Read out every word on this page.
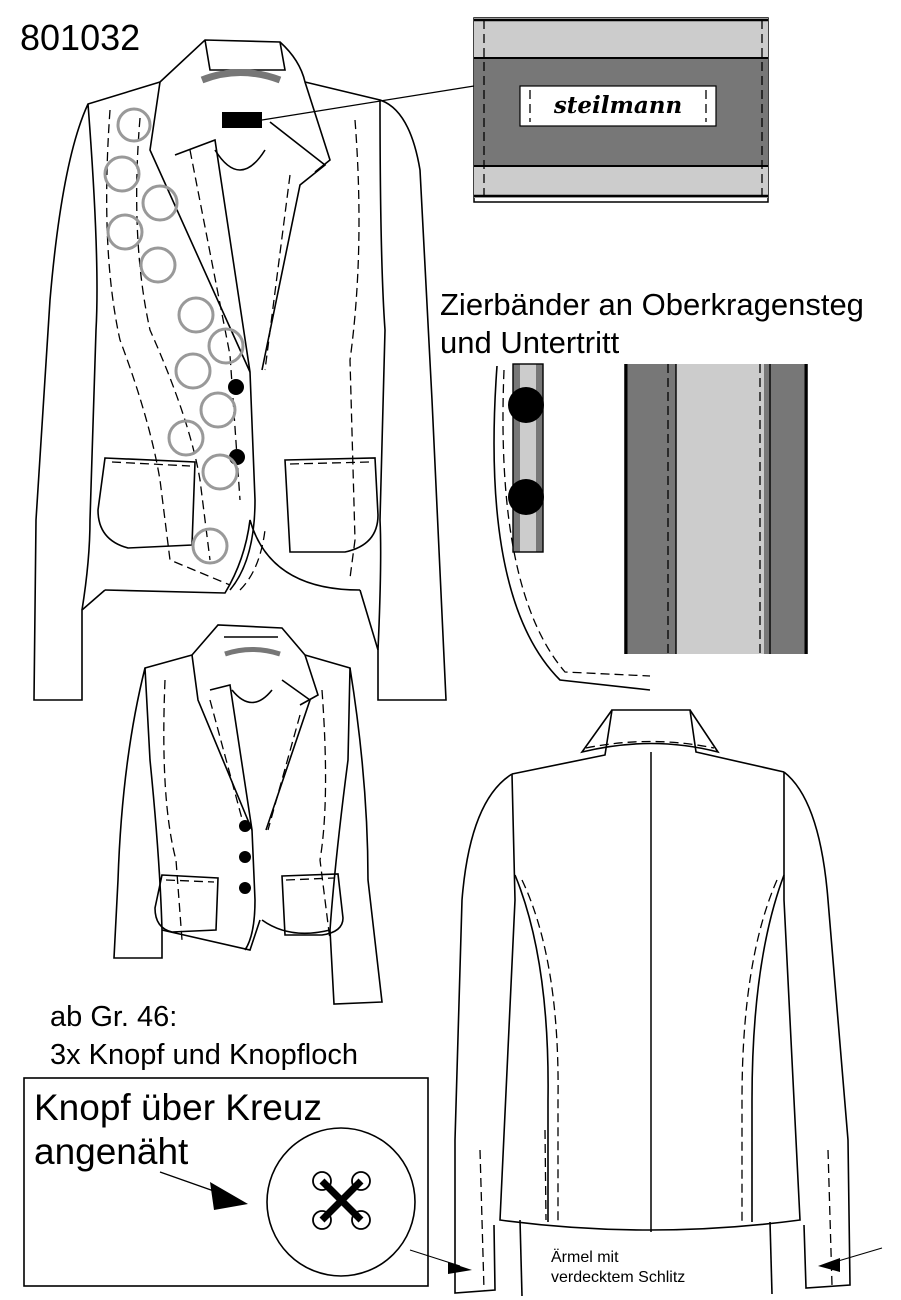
801032
steilmann
Zierbänder an Oberkragensteg
und Untertritt
ab Gr. 46:
3x Knopf und Knopfloch
Knopf über Kreuz
angenäht
Ärmel mit
verdecktem Schlitz
